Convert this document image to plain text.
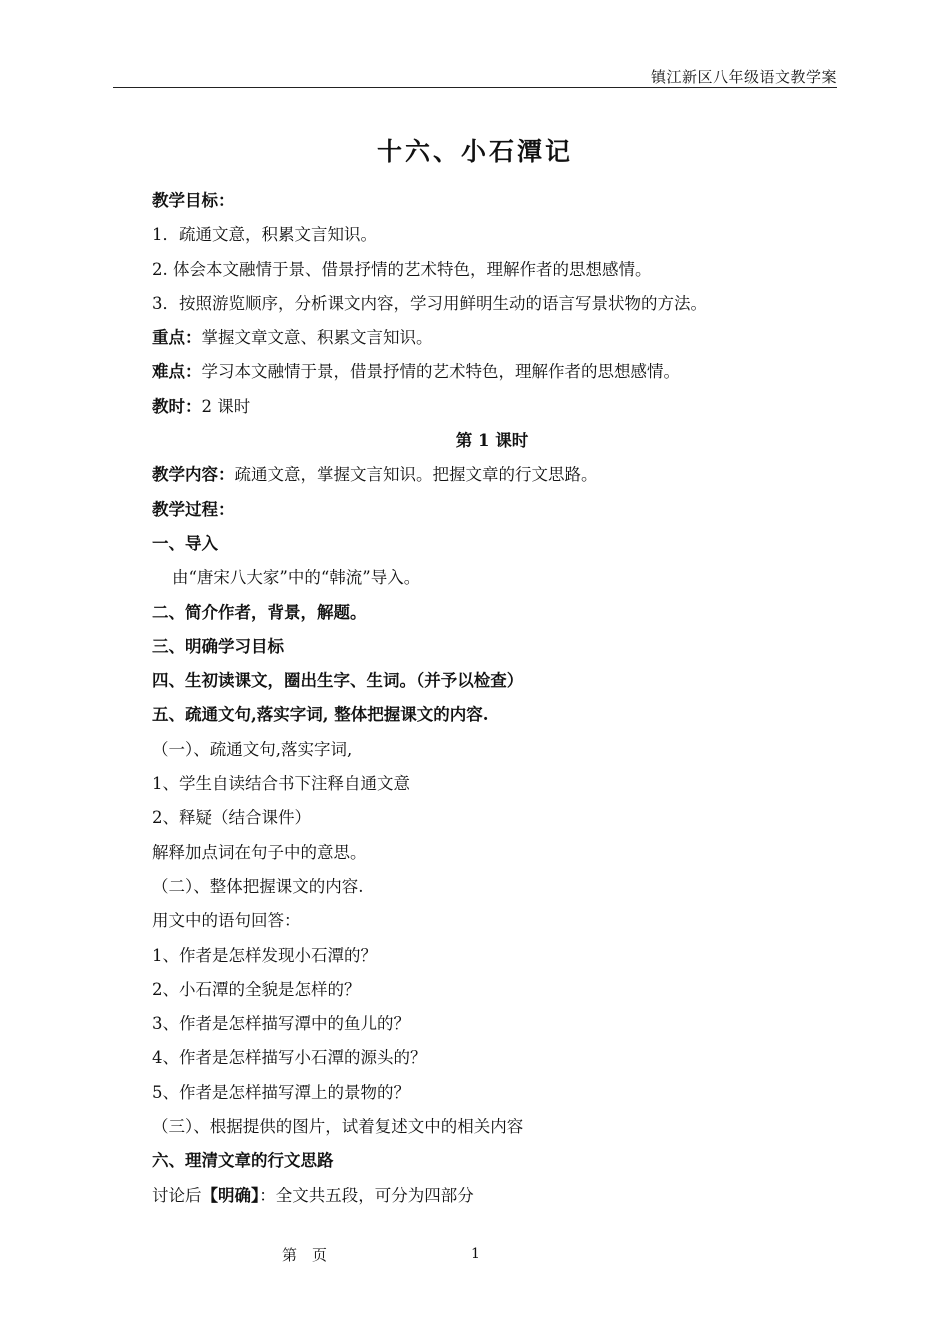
镇江新区八年级语文教学案
十六、小石潭记
教学目标：
1．疏通文意，积累文言知识。
2. 体会本文融情于景、借景抒情的艺术特色，理解作者的思想感情。
3．按照游览顺序，分析课文内容，学习用鲜明生动的语言写景状物的方法。
重点：掌握文章文意、积累文言知识。
难点：学习本文融情于景，借景抒情的艺术特色，理解作者的思想感情。
教时：2 课时
第 1 课时
教学内容：疏通文意，掌握文言知识。把握文章的行文思路。
教学过程：
一、导入
由“唐宋八大家”中的“韩流”导入。
二、简介作者，背景，解题。
三、明确学习目标
四、生初读课文，圈出生字、生词。（并予以检查）
五、疏通文句,落实字词, 整体把握课文的内容.
（一）、疏通文句,落实字词,
1、学生自读结合书下注释自通文意
2、释疑（结合课件）
解释加点词在句子中的意思。
（二）、整体把握课文的内容.
用文中的语句回答：
1、作者是怎样发现小石潭的？
2、小石潭的全貌是怎样的？
3、作者是怎样描写潭中的鱼儿的？
4、作者是怎样描写小石潭的源头的？
5、作者是怎样描写潭上的景物的？
（三）、根据提供的图片，试着复述文中的相关内容
六、理清文章的行文思路
讨论后【明确】：全文共五段，可分为四部分
第　页	1
